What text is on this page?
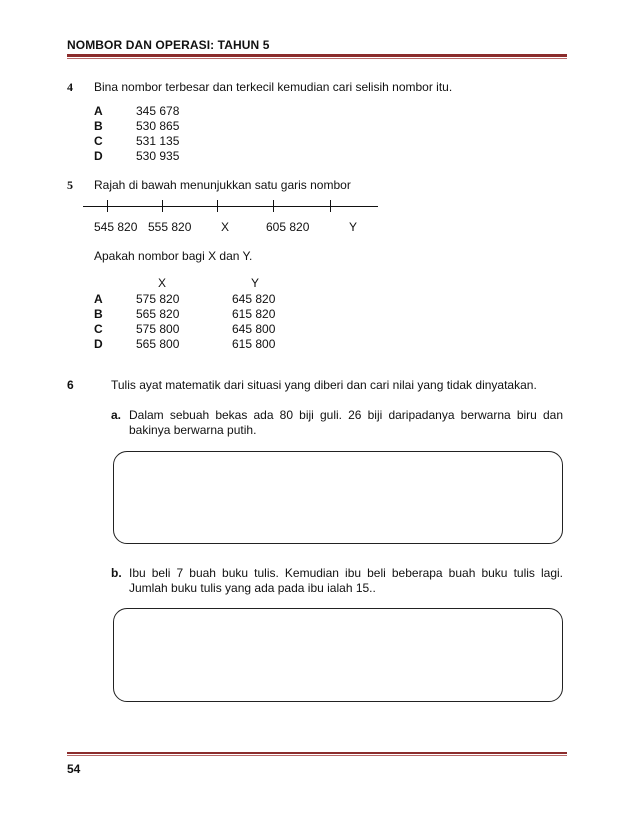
NOMBOR DAN OPERASI: TAHUN 5
4 Bina nombor terbesar dan terkecil kemudian cari selisih nombor itu.
A	345 678
B	530 865
C	531 135
D	530 935
5 Rajah di bawah menunjukkan satu garis nombor
545 820 555 820 X	605 820	Y
Apakah nombor bagi X dan Y.
X	Y
A	575 820	645 820
B	565 820	615 820
C	575 800	645 800
D	565 800	615 800
6	Tulis ayat matematik dari situasi yang diberi dan cari nilai yang tidak dinyatakan.
a. Dalam sebuah bekas ada 80 biji guli. 26 biji daripadanya berwarna biru dan
bakinya berwarna putih.
b. Ibu beli 7 buah buku tulis. Kemudian ibu beli beberapa buah buku tulis lagi.
Jumlah buku tulis yang ada pada ibu ialah 15..
54
